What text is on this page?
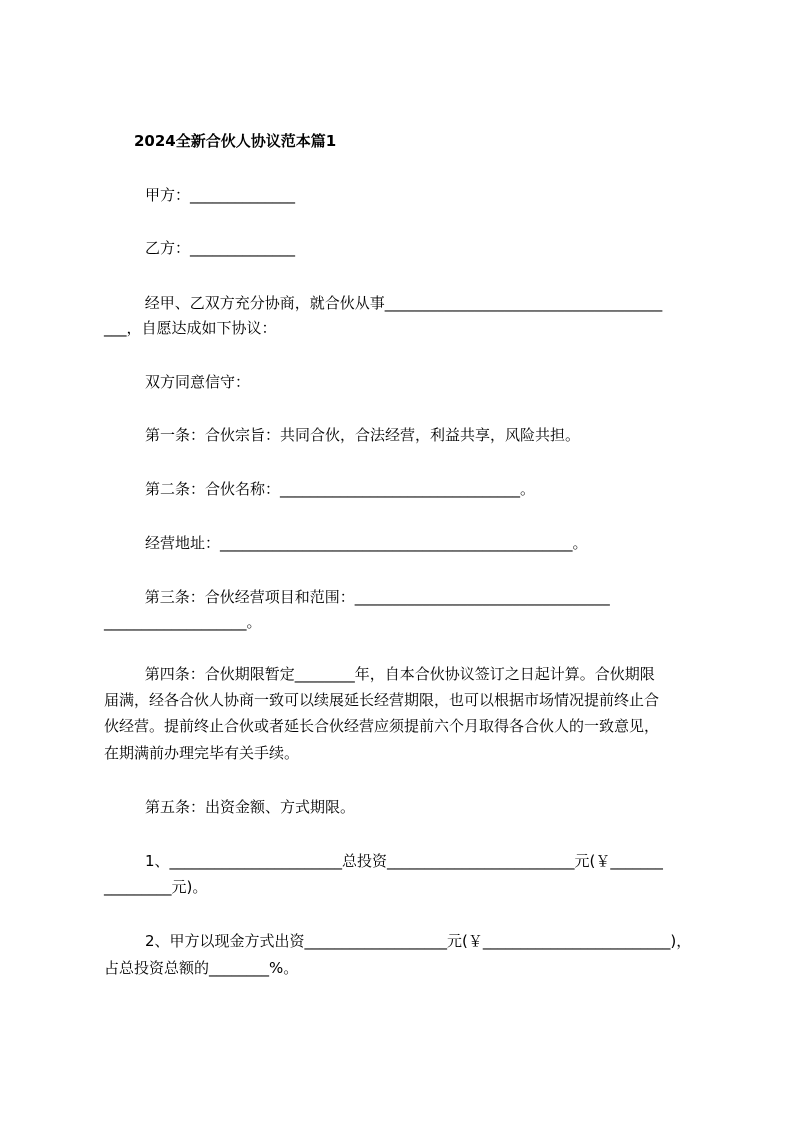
2024全新合伙人协议范本篇1
甲方：______________
乙方：______________
经甲、乙双方充分协商，就合伙从事_____________________________________
___，自愿达成如下协议：
双方同意信守：
第一条：合伙宗旨：共同合伙，合法经营，利益共享，风险共担。
第二条：合伙名称：________________________________。
经营地址：_______________________________________________。
第三条：合伙经营项目和范围：__________________________________
___________________。
第四条：合伙期限暂定________年，自本合伙协议签订之日起计算。合伙期限
届满，经各合伙人协商一致可以续展延长经营期限，也可以根据市场情况提前终止合
伙经营。提前终止合伙或者延长合伙经营应须提前六个月取得各合伙人的一致意见，
在期满前办理完毕有关手续。
第五条：出资金额、方式期限。
1、_______________________总投资_________________________元(￥_______
_________元)。
2、甲方以现金方式出资___________________元(￥_________________________)，
占总投资总额的________%。
